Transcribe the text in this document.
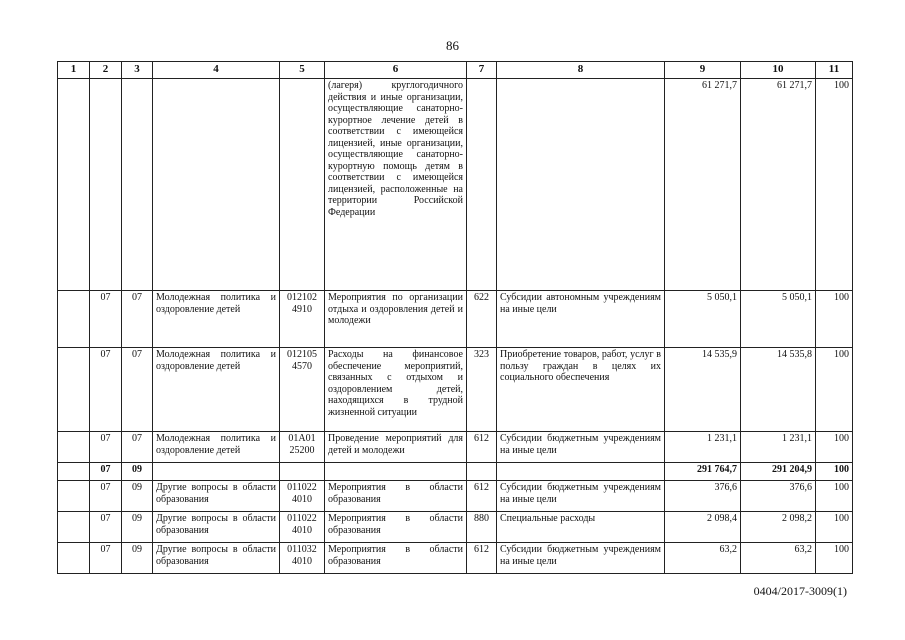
86
1	2	3	4	5	6	7	8	9	10	11
					(лагеря) круглогодичного действия и иные организации, осуществляющие санаторно-курортное лечение детей в соответствии с имеющейся лицензией, иные организации, осуществляющие санаторно-курортную помощь детям в соответствии с имеющейся лицензией, расположенные на территории Российской Федерации			61 271,7	61 271,7	100
	07	07	Молодежная политика и оздоровление детей	012102 4910	Мероприятия по организации отдыха и оздоровления детей и молодежи	622	Субсидии автономным учреждениям на иные цели	5 050,1	5 050,1	100
	07	07	Молодежная политика и оздоровление детей	012105 4570	Расходы на финансовое обеспечение мероприятий, связанных с отдыхом и оздоровлением детей, находящихся в трудной жизненной ситуации	323	Приобретение товаров, работ, услуг в пользу граждан в целях их социального обеспечения	14 535,9	14 535,8	100
	07	07	Молодежная политика и оздоровление детей	01А01 25200	Проведение мероприятий для детей и молодежи	612	Субсидии бюджетным учреждениям на иные цели	1 231,1	1 231,1	100
	07	09						291 764,7	291 204,9	100
	07	09	Другие вопросы в области образования	011022 4010	Мероприятия в области образования	612	Субсидии бюджетным учреждениям на иные цели	376,6	376,6	100
	07	09	Другие вопросы в области образования	011022 4010	Мероприятия в области образования	880	Специальные расходы	2 098,4	2 098,2	100
	07	09	Другие вопросы в области образования	011032 4010	Мероприятия в области образования	612	Субсидии бюджетным учреждениям на иные цели	63,2	63,2	100
0404/2017-3009(1)
